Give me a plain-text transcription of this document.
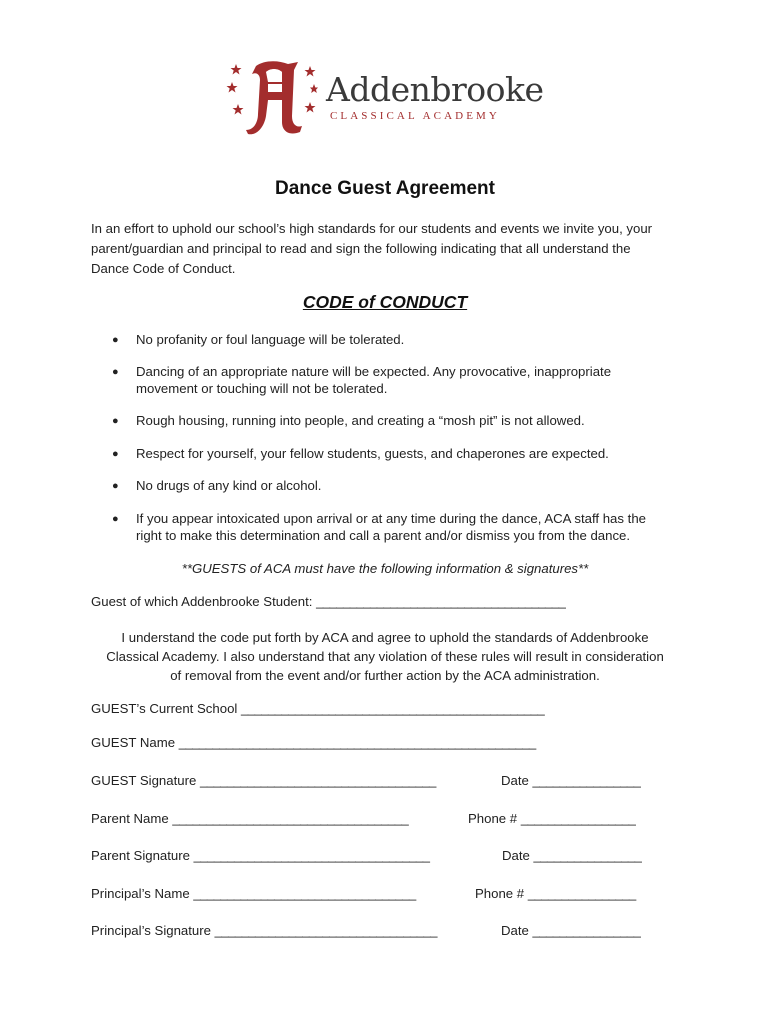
Addenbrooke
CLASSICAL ACADEMY
Dance Guest Agreement
In an effort to uphold our school’s high standards for our students and events we invite you, your
parent/guardian and principal to read and sign the following indicating that all understand the
Dance Code of Conduct.
CODE of CONDUCT
● No profanity or foul language will be tolerated.
● Dancing of an appropriate nature will be expected. Any provocative, inappropriate
movement or touching will not be tolerated.
● Rough housing, running into people, and creating a “mosh pit” is not allowed.
● Respect for yourself, your fellow students, guests, and chaperones are expected.
● No drugs of any kind or alcohol.
● If you appear intoxicated upon arrival or at any time during the dance, ACA staff has the
right to make this determination and call a parent and/or dismiss you from the dance.
**GUESTS of ACA must have the following information & signatures**
Guest of which Addenbrooke Student: _____________________________________
I understand the code put forth by ACA and agree to uphold the standards of Addenbrooke
Classical Academy. I also understand that any violation of these rules will result in consideration
of removal from the event and/or further action by the ACA administration.
GUEST’s Current School _____________________________________________
GUEST Name _____________________________________________________
GUEST Signature ___________________________________	Date ________________
Parent Name ___________________________________	Phone # _________________
Parent Signature ___________________________________	Date ________________
Principal’s Name _________________________________	Phone # ________________
Principal’s Signature _________________________________	Date ________________
